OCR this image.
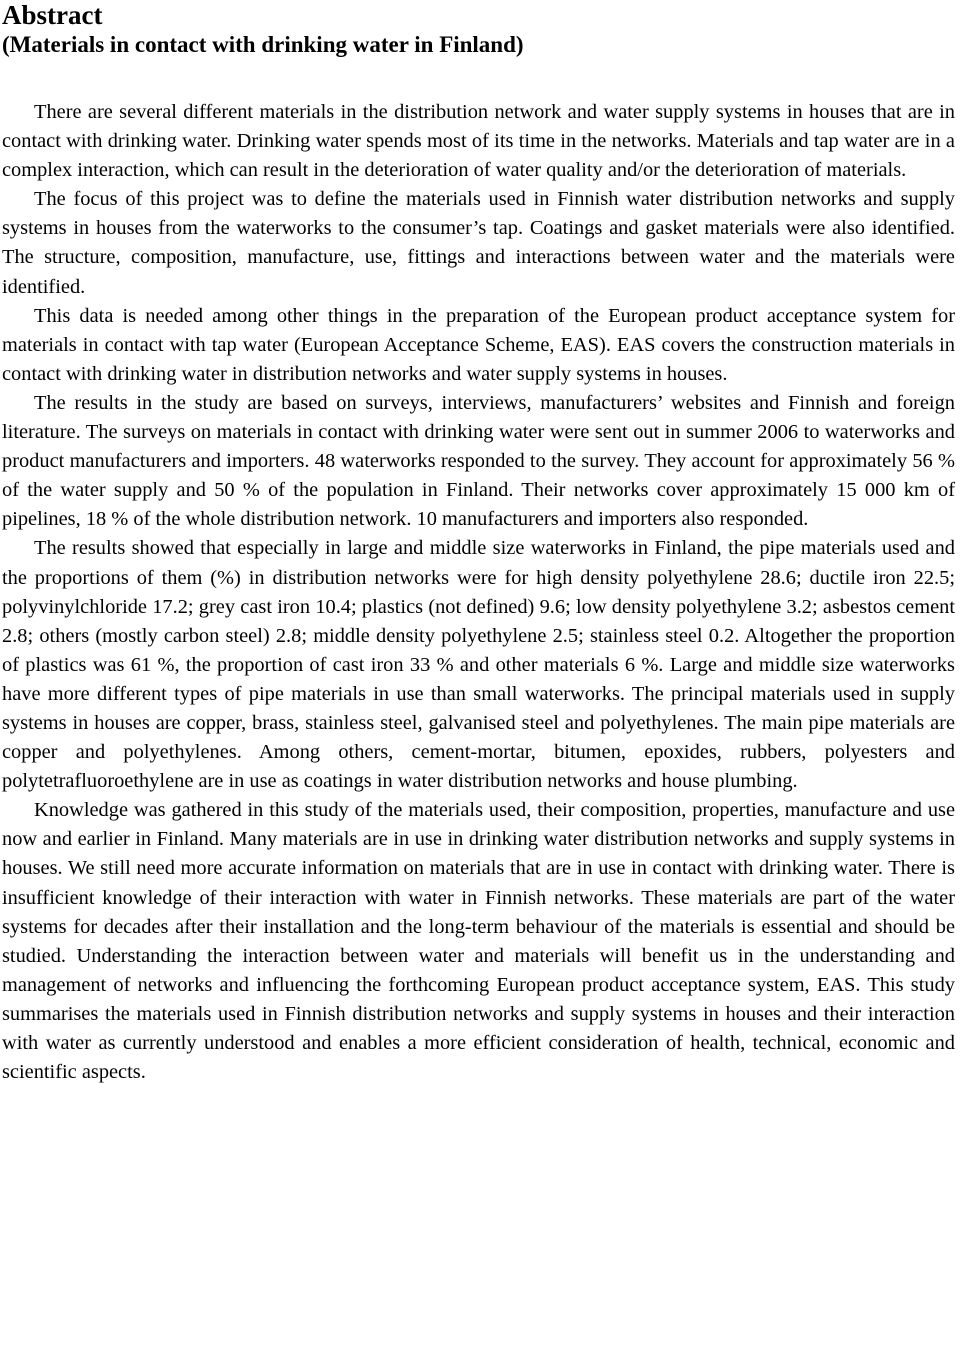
Abstract
(Materials in contact with drinking water in Finland)

There are several different materials in the distribution network and water supply systems in houses that are in contact with drinking water. Drinking water spends most of its time in the networks. Materials and tap water are in a complex interaction, which can result in the deterioration of water quality and/or the deterioration of materials.

The focus of this project was to define the materials used in Finnish water distribution networks and supply systems in houses from the waterworks to the consumer’s tap. Coatings and gasket materials were also identified. The structure, composition, manufacture, use, fittings and interactions between water and the materials were identified.

This data is needed among other things in the preparation of the European product acceptance system for materials in contact with tap water (European Acceptance Scheme, EAS). EAS covers the construction materials in contact with drinking water in distribution networks and water supply systems in houses.

The results in the study are based on surveys, interviews, manufacturers’ websites and Finnish and foreign literature. The surveys on materials in contact with drinking water were sent out in summer 2006 to waterworks and product manufacturers and importers. 48 waterworks responded to the survey. They account for approximately 56 % of the water supply and 50 % of the population in Finland. Their networks cover approximately 15 000 km of pipelines, 18 % of the whole distribution network. 10 manufacturers and importers also responded.

The results showed that especially in large and middle size waterworks in Finland, the pipe materials used and the proportions of them (%) in distribution networks were for high density polyethylene 28.6; ductile iron 22.5; polyvinylchloride 17.2; grey cast iron 10.4; plastics (not defined) 9.6; low density polyethylene 3.2; asbestos cement 2.8; others (mostly carbon steel) 2.8; middle density polyethylene 2.5; stainless steel 0.2. Altogether the proportion of plastics was 61 %, the proportion of cast iron 33 % and other materials 6 %. Large and middle size waterworks have more different types of pipe materials in use than small waterworks. The principal materials used in supply systems in houses are copper, brass, stainless steel, galvanised steel and polyethylenes. The main pipe materials are copper and polyethylenes. Among others, cement-mortar, bitumen, epoxides, rubbers, polyesters and polytetrafluoroethylene are in use as coatings in water distribution networks and house plumbing.

Knowledge was gathered in this study of the materials used, their composition, properties, manufacture and use now and earlier in Finland. Many materials are in use in drinking water distribution networks and supply systems in houses. We still need more accurate information on materials that are in use in contact with drinking water. There is insufficient knowledge of their interaction with water in Finnish networks. These materials are part of the water systems for decades after their installation and the long-term behaviour of the materials is essential and should be studied. Understanding the interaction between water and materials will benefit us in the understanding and management of networks and influencing the forthcoming European product acceptance system, EAS. This study summarises the materials used in Finnish distribution networks and supply systems in houses and their interaction with water as currently understood and enables a more efficient consideration of health, technical, economic and scientific aspects.
